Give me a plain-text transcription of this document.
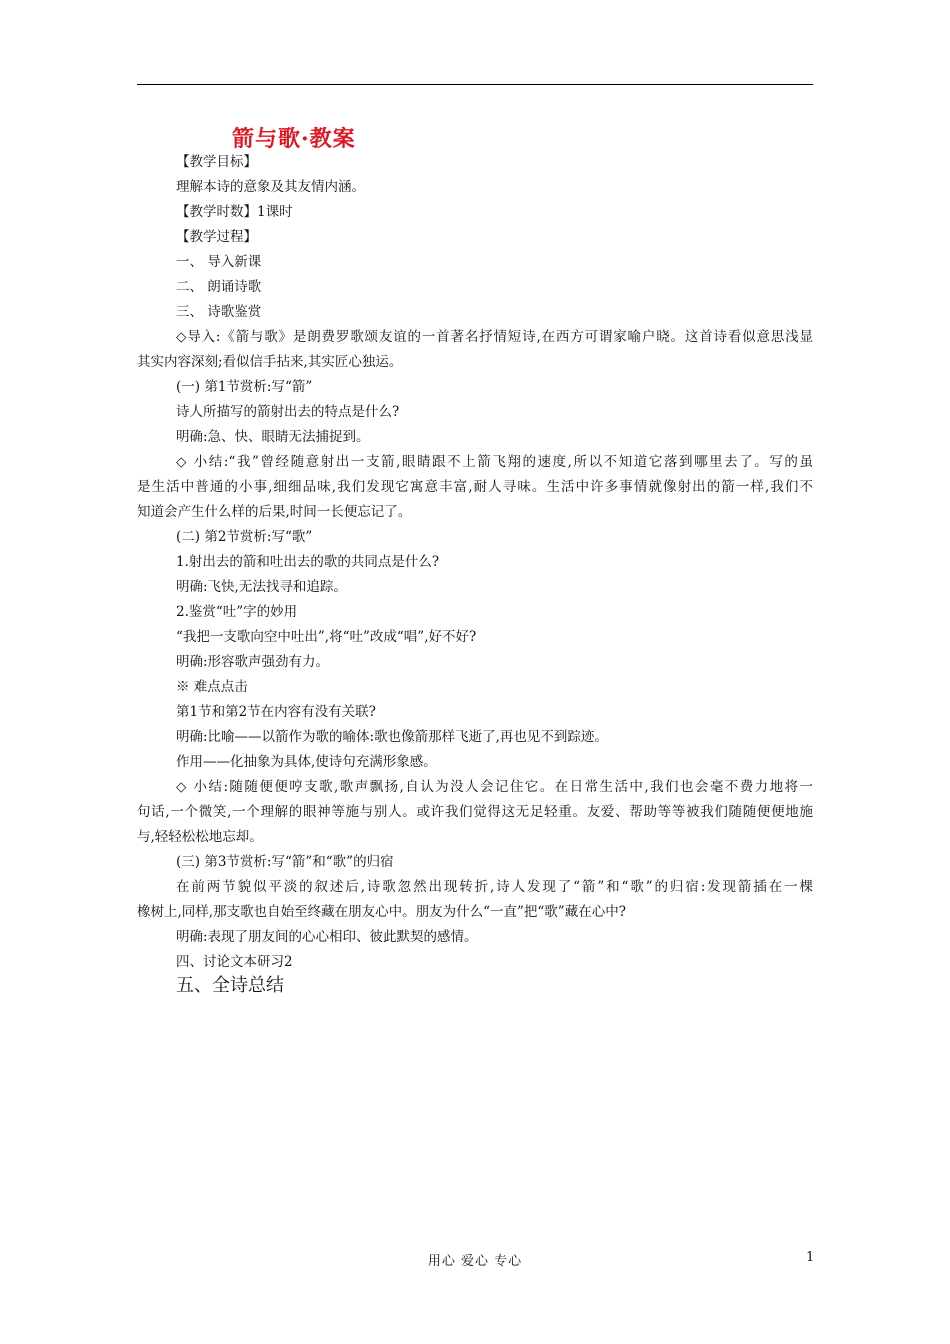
箭与歌·教案
【教学目标】
理解本诗的意象及其友情内涵。
【教学时数】1课时
【教学过程】
一、 导入新课
二、 朗诵诗歌
三、 诗歌鉴赏
◇导入:《箭与歌》是朗费罗歌颂友谊的一首著名抒情短诗,在西方可谓家喻户晓。这首诗看似意思浅显
其实内容深刻;看似信手拈来,其实匠心独运。
(一) 第1节赏析:写“箭”
诗人所描写的箭射出去的特点是什么?
明确:急、快、眼睛无法捕捉到。
◇ 小结:“我”曾经随意射出一支箭,眼睛跟不上箭飞翔的速度,所以不知道它落到哪里去了。写的虽
是生活中普通的小事,细细品味,我们发现它寓意丰富,耐人寻味。生活中许多事情就像射出的箭一样,我们不
知道会产生什么样的后果,时间一长便忘记了。
(二) 第2节赏析:写“歌”
1.射出去的箭和吐出去的歌的共同点是什么?
明确:飞快,无法找寻和追踪。
2.鉴赏“吐”字的妙用
“我把一支歌向空中吐出”,将“吐”改成“唱”,好不好?
明确:形容歌声强劲有力。
※ 难点点击
第1节和第2节在内容有没有关联?
明确:比喻——以箭作为歌的喻体:歌也像箭那样飞逝了,再也见不到踪迹。
作用——化抽象为具体,使诗句充满形象感。
◇ 小结:随随便便哼支歌,歌声飘扬,自认为没人会记住它。在日常生活中,我们也会毫不费力地将一
句话,一个微笑,一个理解的眼神等施与别人。或许我们觉得这无足轻重。友爱、帮助等等被我们随随便便地施
与,轻轻松松地忘却。
(三) 第3节赏析:写“箭”和“歌”的归宿
在前两节貌似平淡的叙述后,诗歌忽然出现转折,诗人发现了“箭”和“歌”的归宿:发现箭插在一棵
橡树上,同样,那支歌也自始至终藏在朋友心中。朋友为什么“一直”把“歌”藏在心中?
明确:表现了朋友间的心心相印、彼此默契的感情。
四、讨论文本研习2
五、全诗总结
用心 爱心 专心	1
